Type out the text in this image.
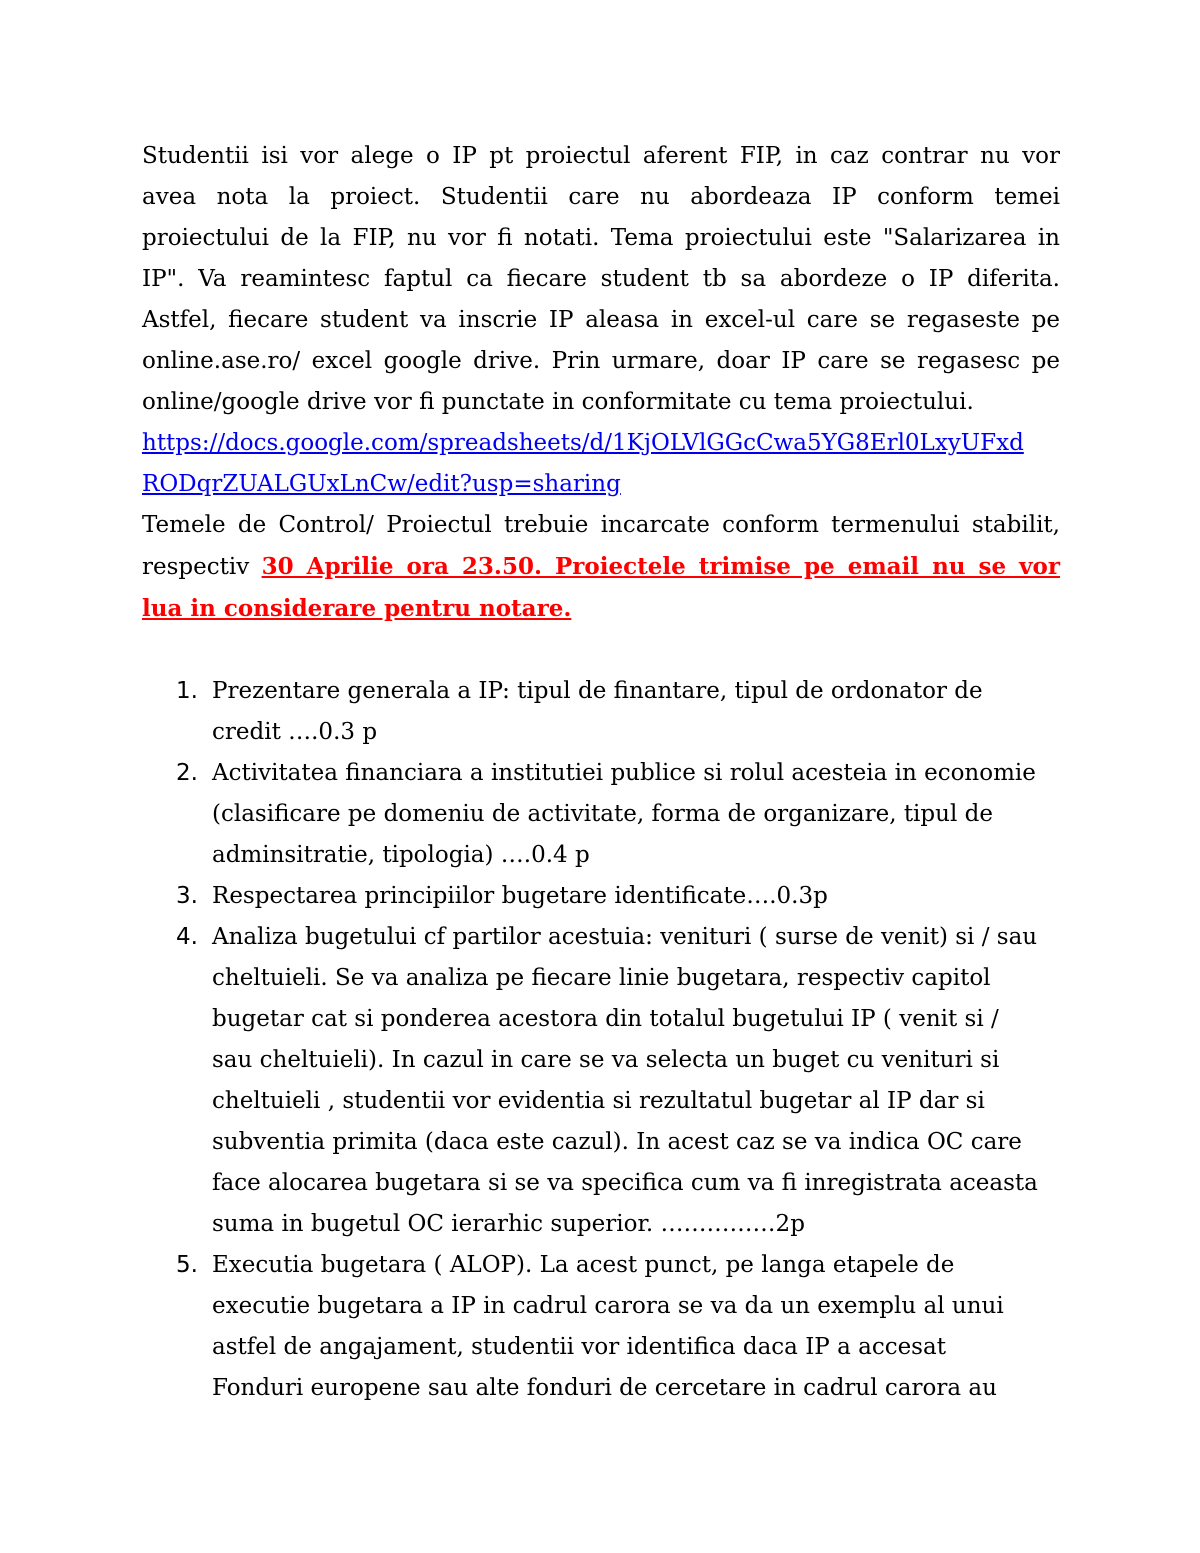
Studentii isi vor alege o IP pt proiectul aferent FIP, in caz contrar nu vor
avea nota la proiect. Studentii care nu abordeaza IP conform temei
proiectului de la FIP, nu vor fi notati. Tema proiectului este "Salarizarea in
IP". Va reamintesc faptul ca fiecare student tb sa abordeze o IP diferita.
Astfel, fiecare student va inscrie IP aleasa in excel-ul care se regaseste pe
online.ase.ro/ excel google drive. Prin urmare, doar IP care se regasesc pe
online/google drive vor fi punctate in conformitate cu tema proiectului.
https://docs.google.com/spreadsheets/d/1KjOLVlGGcCwa5YG8Erl0LxyUFxd
RODqrZUALGUxLnCw/edit?usp=sharing
Temele de Control/ Proiectul trebuie incarcate conform termenului stabilit,
respectiv 30 Aprilie ora 23.50. Proiectele trimise pe email nu se vor
lua in considerare pentru notare.
1. Prezentare generala a IP: tipul de finantare, tipul de ordonator de
credit ….0.3 p
2. Activitatea financiara a institutiei publice si rolul acesteia in economie
(clasificare pe domeniu de activitate, forma de organizare, tipul de
adminsitratie, tipologia) ….0.4 p
3. Respectarea principiilor bugetare identificate….0.3p
4. Analiza bugetului cf partilor acestuia: venituri ( surse de venit) si / sau
cheltuieli. Se va analiza pe fiecare linie bugetara, respectiv capitol
bugetar cat si ponderea acestora din totalul bugetului IP ( venit si /
sau cheltuieli). In cazul in care se va selecta un buget cu venituri si
cheltuieli , studentii vor evidentia si rezultatul bugetar al IP dar si
subventia primita (daca este cazul). In acest caz se va indica OC care
face alocarea bugetara si se va specifica cum va fi inregistrata aceasta
suma in bugetul OC ierarhic superior. ……………2p
5. Executia bugetara ( ALOP). La acest punct, pe langa etapele de
executie bugetara a IP in cadrul carora se va da un exemplu al unui
astfel de angajament, studentii vor identifica daca IP a accesat
Fonduri europene sau alte fonduri de cercetare in cadrul carora au
